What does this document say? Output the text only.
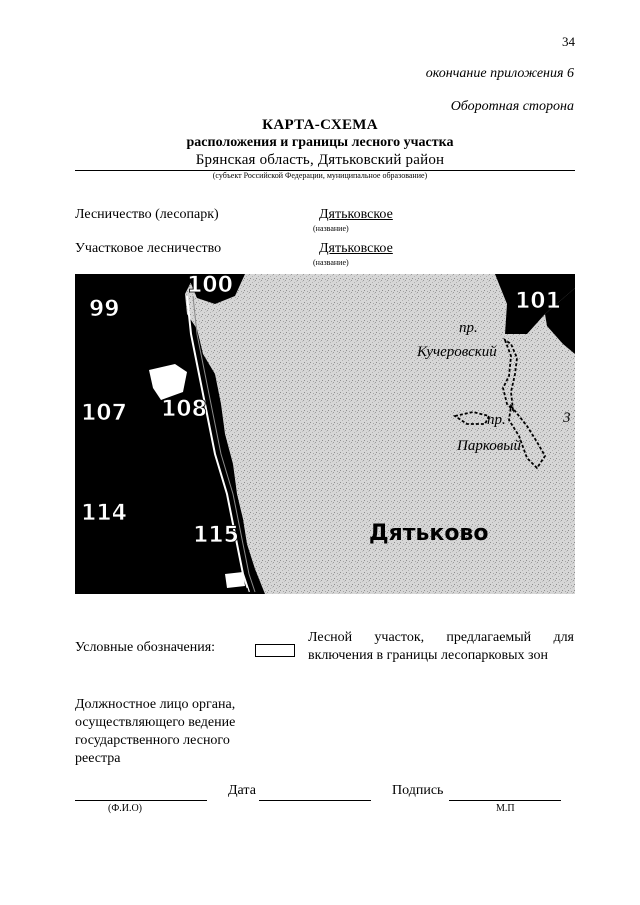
34
окончание приложения 6
Оборотная сторона
КАРТА-СХЕМА
расположения и границы лесного участка
Брянская область, Дятьковский район
(субъект Российской Федерации, муниципальное образование)
Лесничество (лесопарк)	Дятьковское
(название)
Участковое лесничество	Дятьковское
(название)
99
100
101
107 108
114
115	Дятьково
пр.
Кучеровский
пр.
Парковый
3
Условные обозначения:
Лесной участок, предлагаемый для включения в границы лесопарковых зон
Должностное лицо органа, осуществляющего ведение государственного лесного реестра
Дата	Подпись
(Ф.И.О)	М.П
